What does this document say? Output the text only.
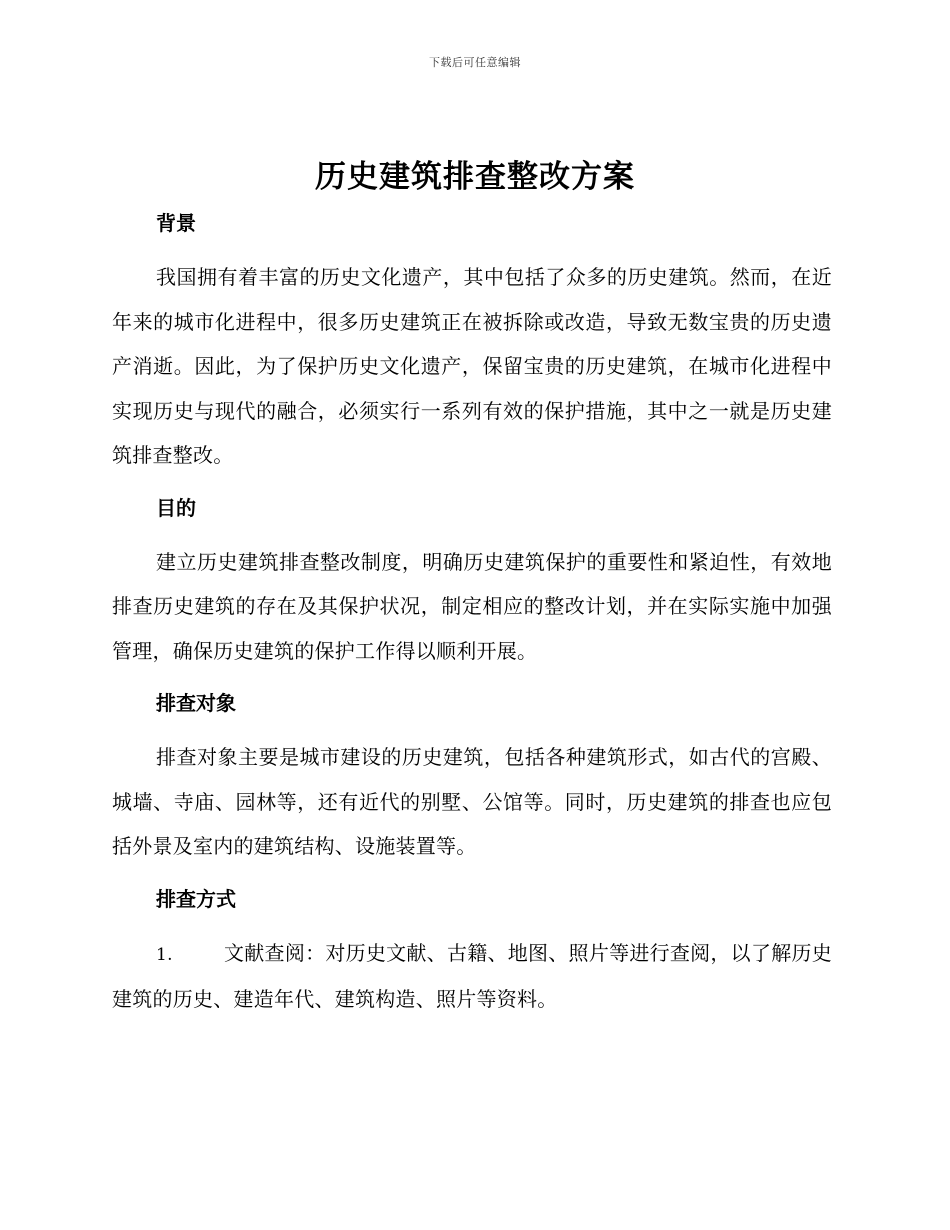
下载后可任意编辑
历史建筑排查整改方案
背景

我国拥有着丰富的历史文化遗产，其中包括了众多的历史建筑。然而，在近年来的城市化进程中，很多历史建筑正在被拆除或改造，导致无数宝贵的历史遗产消逝。因此，为了保护历史文化遗产，保留宝贵的历史建筑，在城市化进程中实现历史与现代的融合，必须实行一系列有效的保护措施，其中之一就是历史建筑排查整改。

目的

建立历史建筑排查整改制度，明确历史建筑保护的重要性和紧迫性，有效地排查历史建筑的存在及其保护状况，制定相应的整改计划，并在实际实施中加强管理，确保历史建筑的保护工作得以顺利开展。

排查对象

排查对象主要是城市建设的历史建筑，包括各种建筑形式，如古代的宫殿、城墙、寺庙、园林等，还有近代的别墅、公馆等。同时，历史建筑的排查也应包括外景及室内的建筑结构、设施装置等。

排查方式

1.	文献查阅：对历史文献、古籍、地图、照片等进行查阅，以了解历史建筑的历史、建造年代、建筑构造、照片等资料。
